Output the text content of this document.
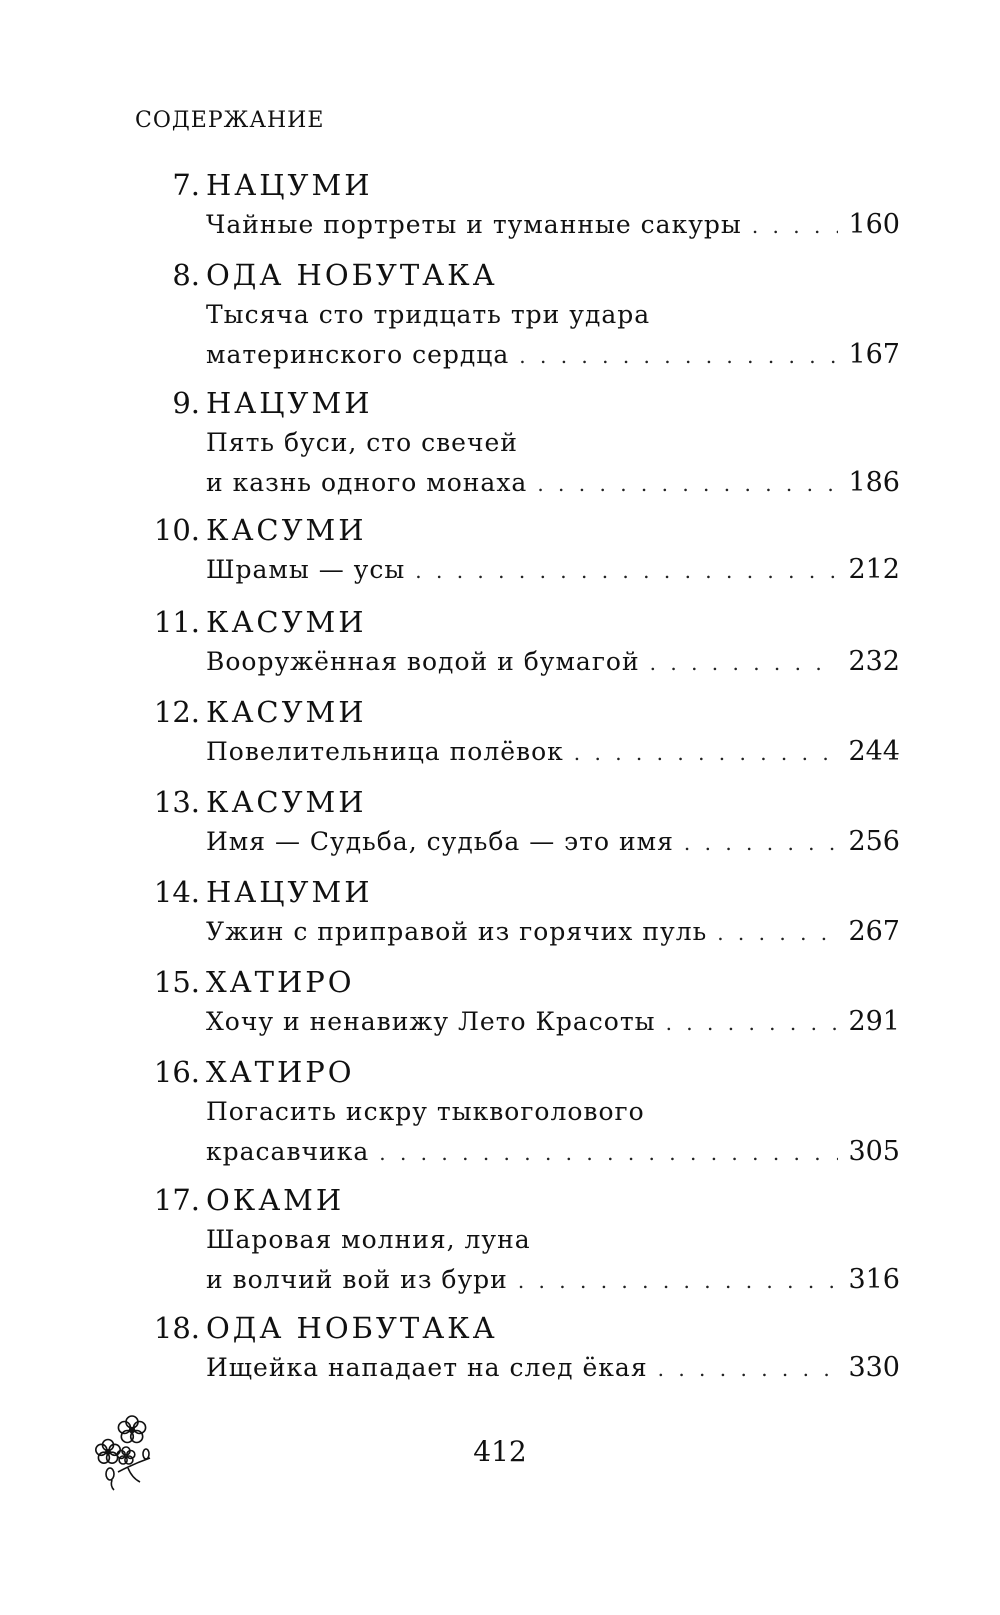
СОДЕРЖАНИЕ
7. НАЦУМИ
Чайные портреты и туманные сакуры . . .	160
8. ОДА НОБУТАКА
Тысяча сто тридцать три удара
материнского сердца . . .	167
9. НАЦУМИ
Пять буси, сто свечей
и казнь одного монаха . . .	186
10. КАСУМИ
Шрамы — усы . . .	212
11. КАСУМИ
Вооружённая водой и бумагой . . .	232
12. КАСУМИ
Повелительница полёвок . . .	244
13. КАСУМИ
Имя — Судьба, судьба — это имя . . .	256
14. НАЦУМИ
Ужин с приправой из горячих пуль . . .	267
15. ХАТИРО
Хочу и ненавижу Лето Красоты . . .	291
16. ХАТИРО
Погасить искру тыквоголового
красавчика . . .	305
17. ОКАМИ
Шаровая молния, луна
и волчий вой из бури . . .	316
18. ОДА НОБУТАКА
Ищейка нападает на след ёкая . . .	330
412
